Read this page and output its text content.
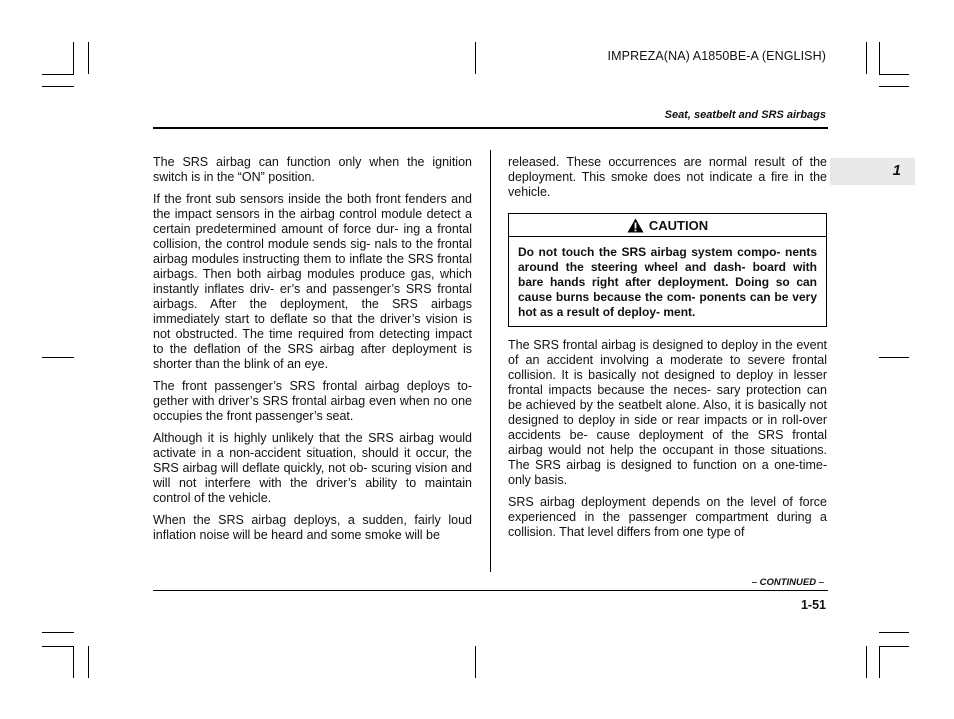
IMPREZA(NA) A1850BE-A (ENGLISH)
Seat, seatbelt and SRS airbags
1

The SRS airbag can function only when the ignition switch is in the “ON” position.

If the front sub sensors inside the both front fenders and the impact sensors in the airbag control module detect a certain predetermined amount of force dur- ing a frontal collision, the control module sends sig- nals to the frontal airbag modules instructing them to inflate the SRS frontal airbags. Then both airbag modules produce gas, which instantly inflates driv- er’s and passenger’s SRS frontal airbags. After the deployment, the SRS airbags immediately start to deflate so that the driver’s vision is not obstructed. The time required from detecting impact to the deflation of the SRS airbag after deployment is shorter than the blink of an eye.

The front passenger’s SRS frontal airbag deploys to- gether with driver’s SRS frontal airbag even when no one occupies the front passenger’s seat.

Although it is highly unlikely that the SRS airbag would activate in a non-accident situation, should it occur, the SRS airbag will deflate quickly, not ob- scuring vision and will not interfere with the driver’s ability to maintain control of the vehicle.

When the SRS airbag deploys, a sudden, fairly loud inflation noise will be heard and some smoke will be

released. These occurrences are normal result of the deployment. This smoke does not indicate a fire in the vehicle.

CAUTION
Do not touch the SRS airbag system compo- nents around the steering wheel and dash- board with bare hands right after deployment. Doing so can cause burns because the com- ponents can be very hot as a result of deploy- ment.

The SRS frontal airbag is designed to deploy in the event of an accident involving a moderate to severe frontal collision. It is basically not designed to deploy in lesser frontal impacts because the neces- sary protection can be achieved by the seatbelt alone. Also, it is basically not designed to deploy in side or rear impacts or in roll-over accidents be- cause deployment of the SRS frontal airbag would not help the occupant in those situations. The SRS airbag is designed to function on a one-time-only basis.

SRS airbag deployment depends on the level of force experienced in the passenger compartment during a collision. That level differs from one type of

– CONTINUED –
1-51
